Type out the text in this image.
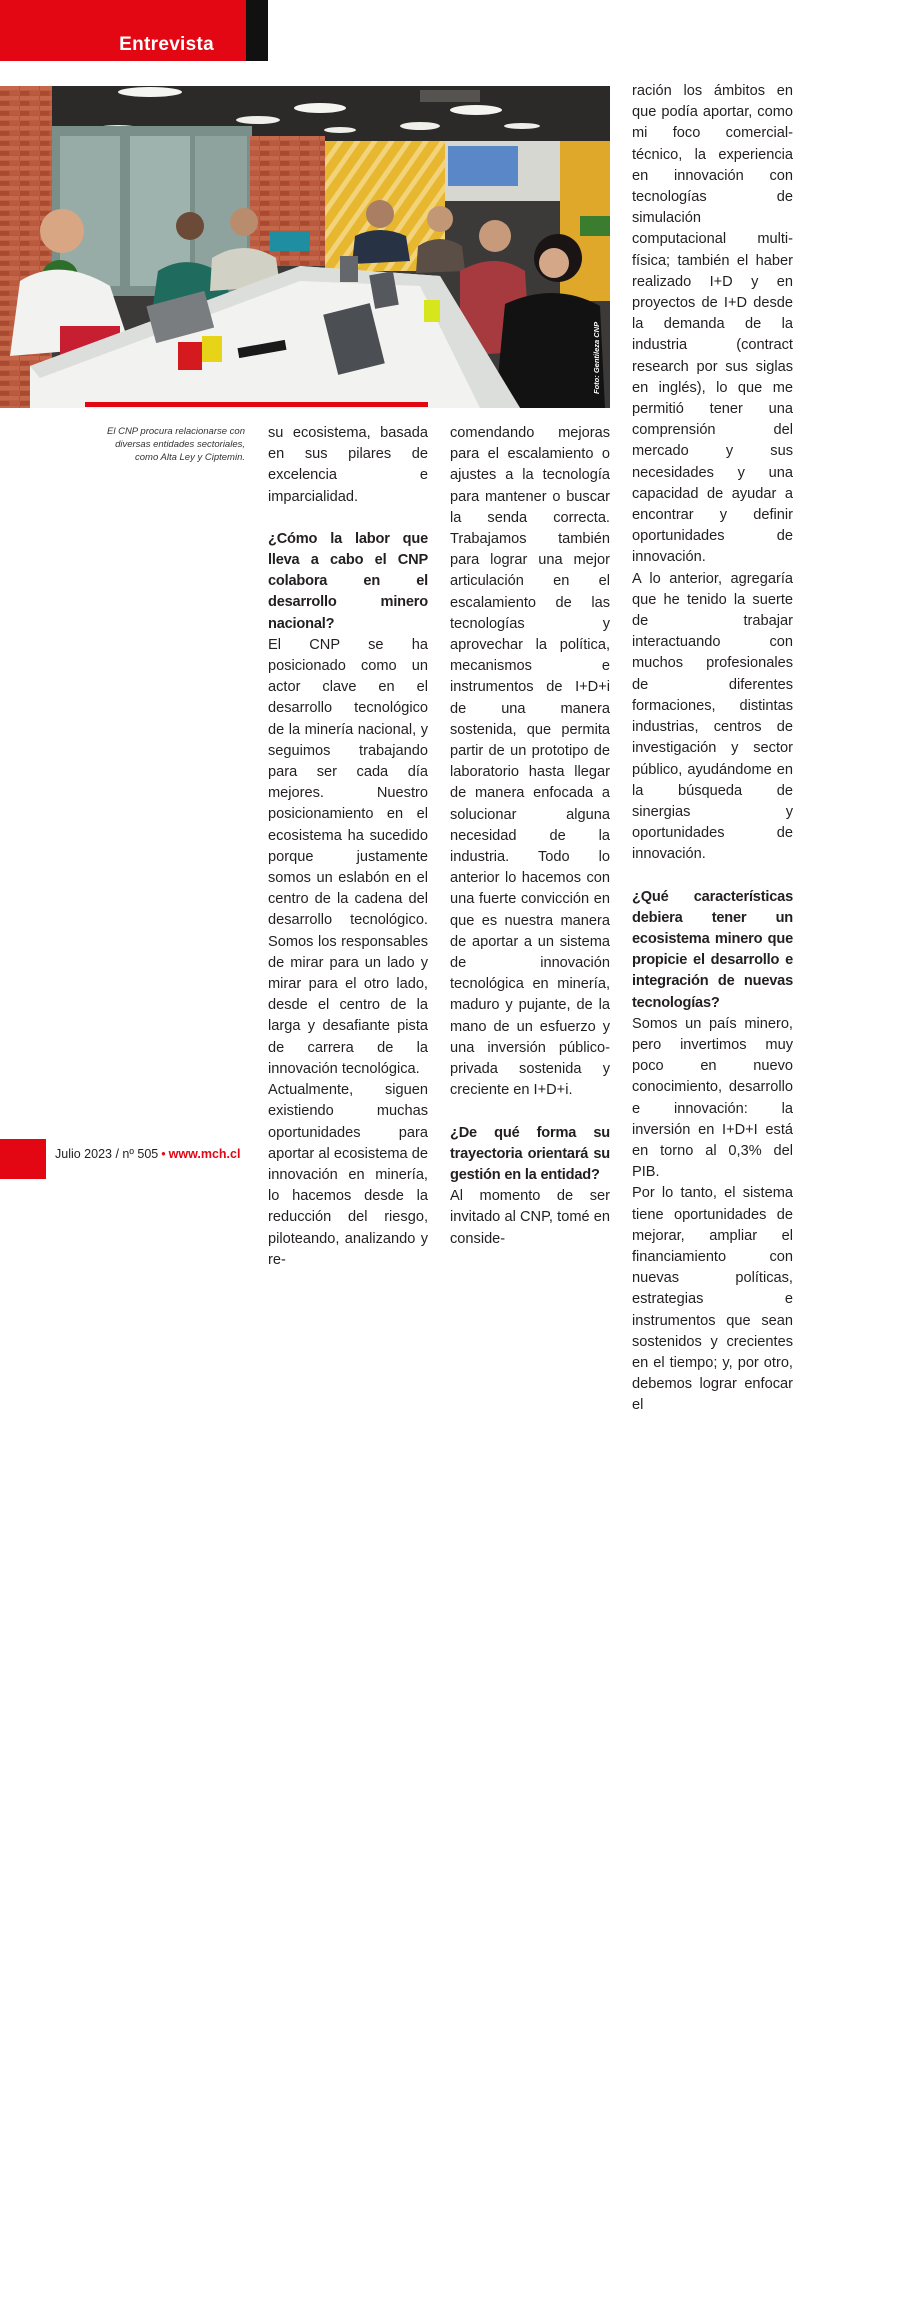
Entrevista
Foto: Gentileza CNP
El CNP procura relacionarse con diversas entidades sectoriales, como Alta Ley y Ciptemin.

su ecosistema, basada en sus pilares de excelencia e imparcialidad.

¿Cómo la labor que lleva a cabo el CNP colabora en el desarrollo minero nacional?

El CNP se ha posicionado como un actor clave en el desarrollo tecnológico de la minería nacional, y seguimos trabajando para ser cada día mejores. Nuestro posicionamiento en el ecosistema ha sucedido porque justamente somos un eslabón en el centro de la cadena del desarrollo tecnológico. Somos los responsables de mirar para un lado y mirar para el otro lado, desde el centro de la larga y desafiante pista de carrera de la innovación tecnológica.

Actualmente, siguen existiendo muchas oportunidades para aportar al ecosistema de innovación en minería, lo hacemos desde la reducción del riesgo, piloteando, analizando y re-

comendando mejoras para el escalamiento o ajustes a la tecnología para mantener o buscar la senda correcta. Trabajamos también para lograr una mejor articulación en el escalamiento de las tecnologías y aprovechar la política, mecanismos e instrumentos de I+D+i de una manera sostenida, que permita partir de un prototipo de laboratorio hasta llegar de manera enfocada a solucionar alguna necesidad de la industria. Todo lo anterior lo hacemos con una fuerte convicción en que es nuestra manera de aportar a un sistema de innovación tecnológica en minería, maduro y pujante, de la mano de un esfuerzo y una inversión público-privada sostenida y creciente en I+D+i.

¿De qué forma su trayectoria orientará su gestión en la entidad?

Al momento de ser invitado al CNP, tomé en conside-

ración los ámbitos en que podía aportar, como mi foco comercial-técnico, la experiencia en innovación con tecnologías de simulación computacional multi-física; también el haber realizado I+D y en proyectos de I+D desde la demanda de la industria (contract research por sus siglas en inglés), lo que me permitió tener una comprensión del mercado y sus necesidades y una capacidad de ayudar a encontrar y definir oportunidades de innovación.

A lo anterior, agregaría que he tenido la suerte de trabajar interactuando con muchos profesionales de diferentes formaciones, distintas industrias, centros de investigación y sector público, ayudándome en la búsqueda de sinergias y oportunidades de innovación.

¿Qué características debiera tener un ecosistema minero que propicie el desarrollo e integración de nuevas tecnologías?

Somos un país minero, pero invertimos muy poco en nuevo conocimiento, desarrollo e innovación: la inversión en I+D+I está en torno al 0,3% del PIB.

Por lo tanto, el sistema tiene oportunidades de mejorar, ampliar el financiamiento con nuevas políticas, estrategias e instrumentos que sean sostenidos y crecientes en el tiempo; y, por otro, debemos lograr enfocar el

56
Julio 2023 / nº 505 • www.mch.cl
